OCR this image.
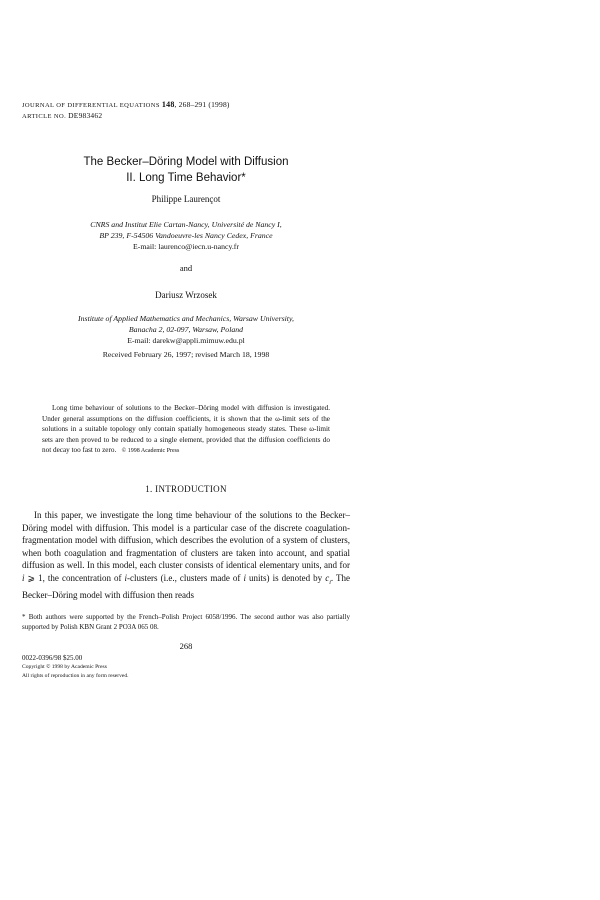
JOURNAL OF DIFFERENTIAL EQUATIONS 148, 268–291 (1998)
ARTICLE NO. DE983462
The Becker–Döring Model with Diffusion
II. Long Time Behavior*
Philippe Laurençot
CNRS and Institut Elie Cartan-Nancy, Université de Nancy I,
BP 239, F-54506 Vandoeuvre-les Nancy Cedex, France
E-mail: laurenco@iecn.u-nancy.fr
and
Dariusz Wrzosek
Institute of Applied Mathematics and Mechanics, Warsaw University,
Banacha 2, 02-097, Warsaw, Poland
E-mail: darekw@appli.mimuw.edu.pl
Received February 26, 1997; revised March 18, 1998
Long time behaviour of solutions to the Becker–Döring model with diffusion is investigated. Under general assumptions on the diffusion coefficients, it is shown that the ω-limit sets of the solutions in a suitable topology only contain spatially homogeneous steady states. These ω-limit sets are then proved to be reduced to a single element, provided that the diffusion coefficients do not decay too fast to zero. © 1998 Academic Press
1. INTRODUCTION

In this paper, we investigate the long time behaviour of the solutions to the Becker–Döring model with diffusion. This model is a particular case of the discrete coagulation-fragmentation model with diffusion, which describes the evolution of a system of clusters, when both coagulation and fragmentation of clusters are taken into account, and spatial diffusion as well. In this model, each cluster consists of identical elementary units, and for i ⩾ 1, the concentration of i-clusters (i.e., clusters made of i units) is denoted by $c_i$. The Becker–Döring model with diffusion then reads

* Both authors were supported by the French–Polish Project 6058/1996. The second author was also partially supported by Polish KBN Grant 2 PO3A 065 08.
268
0022-0396/98 $25.00
Copyright © 1998 by Academic Press
All rights of reproduction in any form reserved.
